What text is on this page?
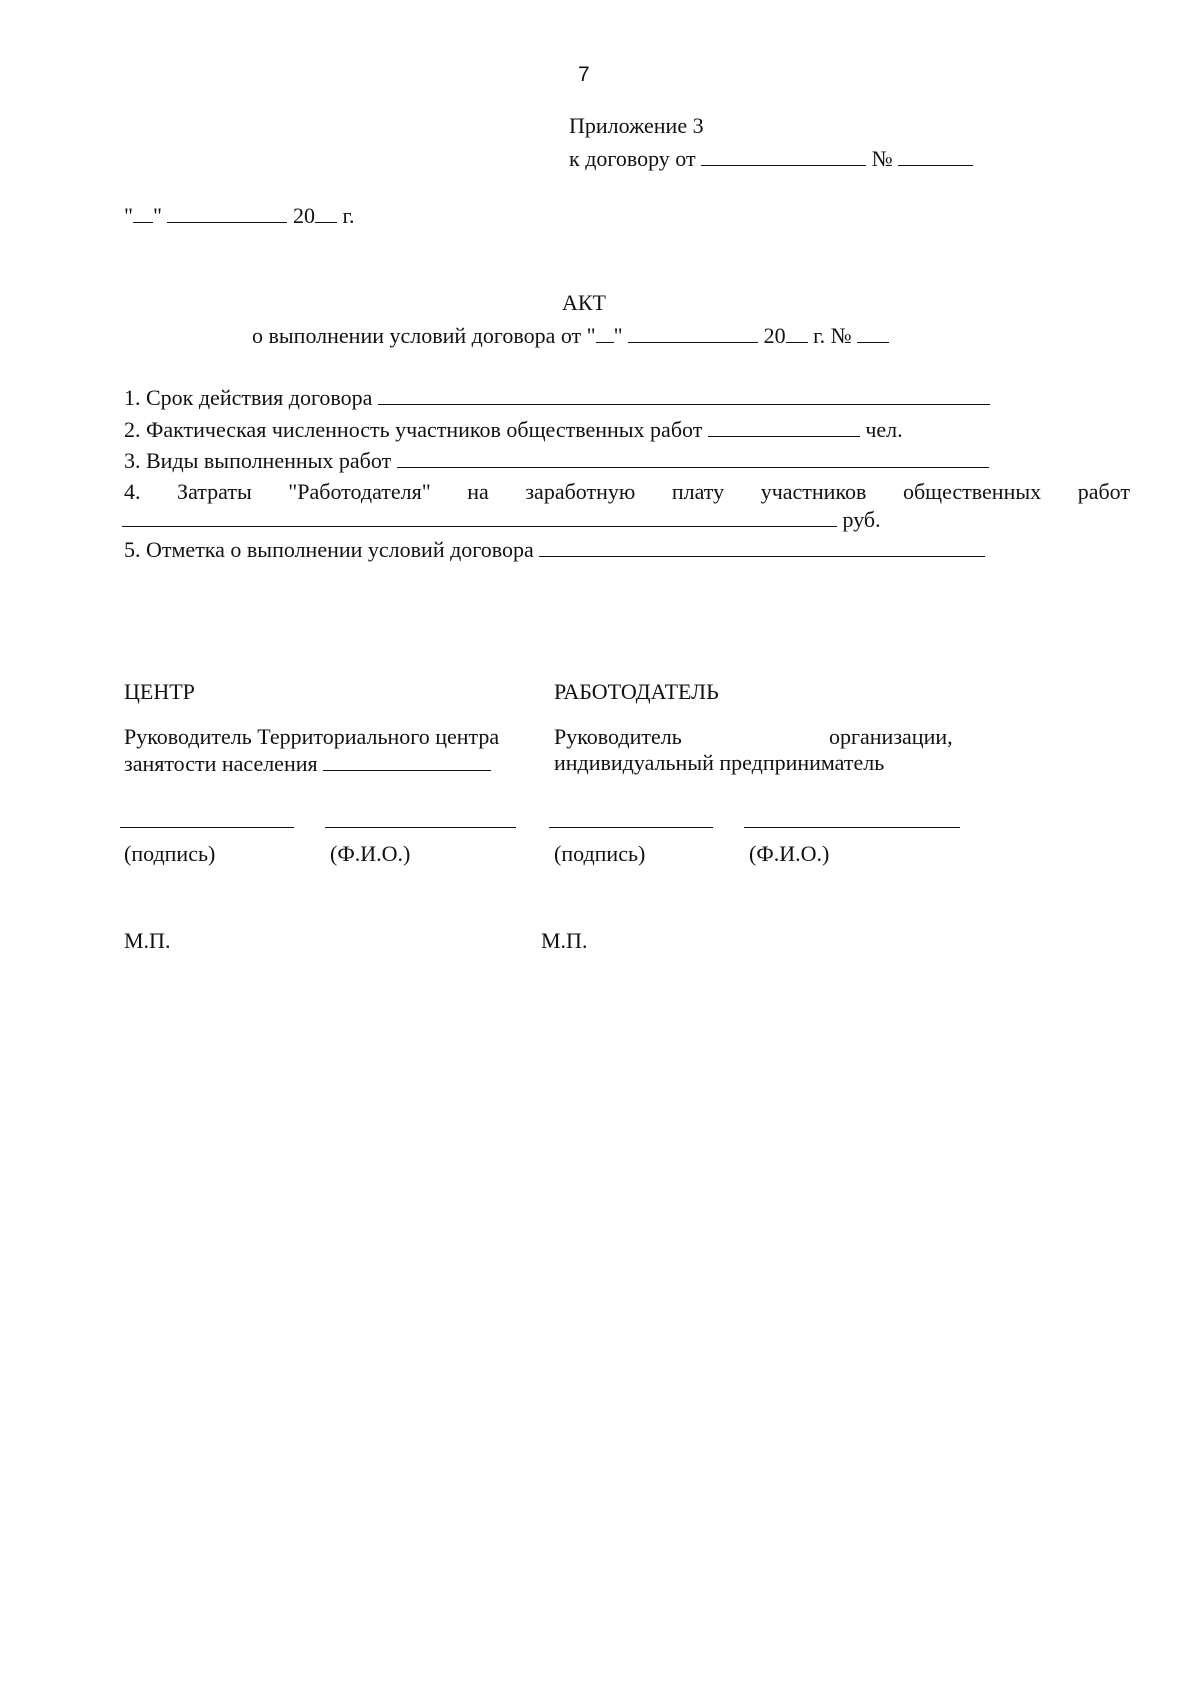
7
Приложение 3
к договору от	№
" "	20 г.
АКТ
о выполнении условий договора от " "	20 г. №
1. Срок действия договора
2. Фактическая численность участников общественных работ	чел.
3. Виды выполненных работ
4. Затраты "Работодателя" на заработную плату участников общественных работ
руб.
5. Отметка о выполнении условий договора
ЦЕНТР
Руководитель Территориального центра
занятости населения
(подпись)	(Ф.И.О.)
М.П.
РАБОТОДАТЕЛЬ
Руководитель	организации,
индивидуальный предприниматель
(подпись)	(Ф.И.О.)
М.П.
